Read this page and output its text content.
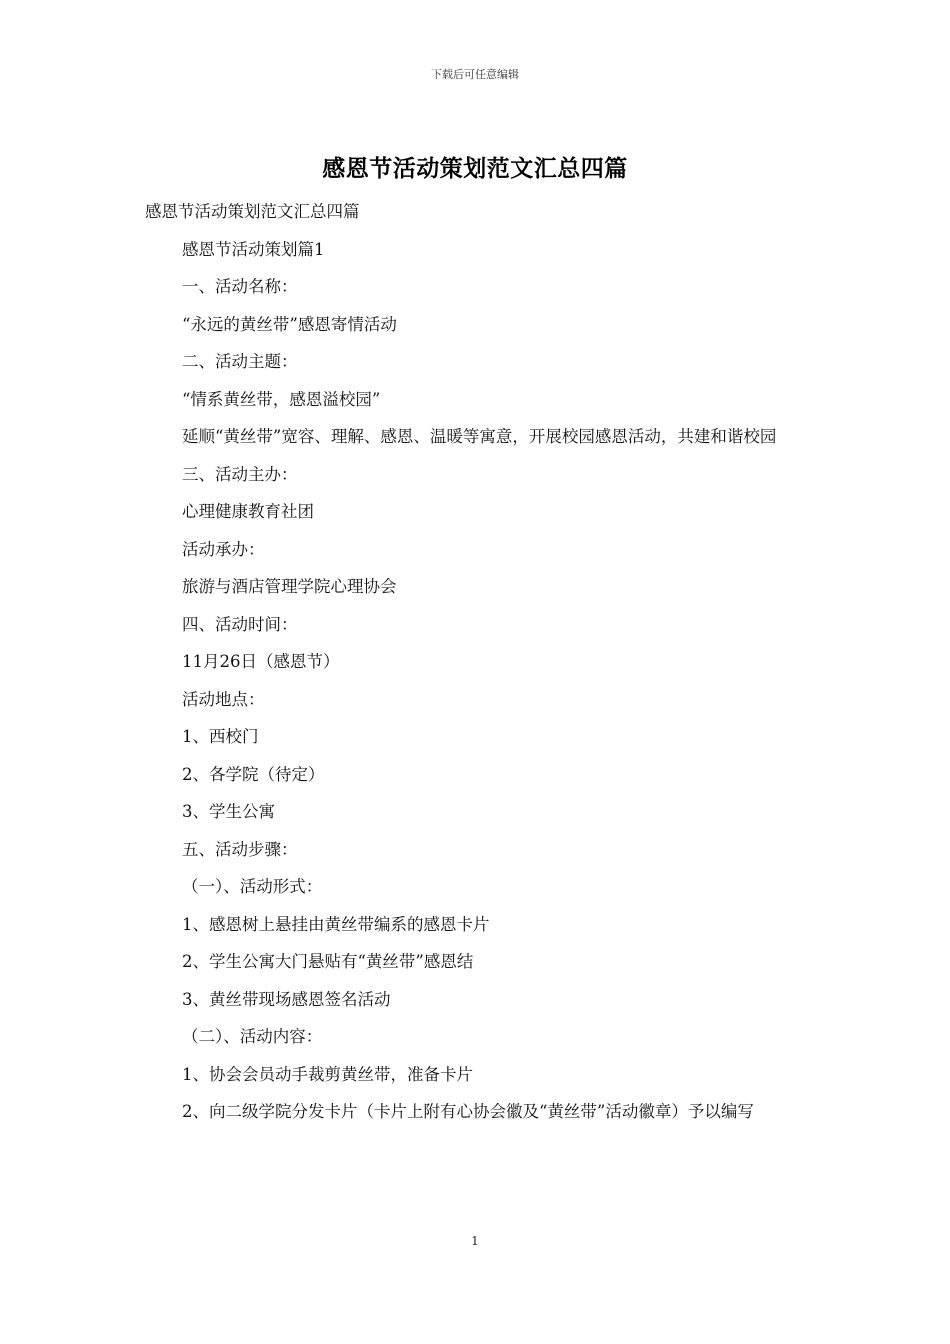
下载后可任意编辑
感恩节活动策划范文汇总四篇

感恩节活动策划范文汇总四篇

感恩节活动策划篇1

一、活动名称：

“永远的黄丝带”感恩寄情活动

二、活动主题：

“情系黄丝带，感恩溢校园”

延顺“黄丝带”宽容、理解、感恩、温暖等寓意，开展校园感恩活动，共建和谐校园

三、活动主办：

心理健康教育社团

活动承办：

旅游与酒店管理学院心理协会

四、活动时间：

11月26日（感恩节）

活动地点：

1、西校门

2、各学院（待定）

3、学生公寓

五、活动步骤：

（一）、活动形式：

1、感恩树上悬挂由黄丝带编系的感恩卡片

2、学生公寓大门悬贴有“黄丝带”感恩结

3、黄丝带现场感恩签名活动

（二）、活动内容：

1、协会会员动手裁剪黄丝带，准备卡片

2、向二级学院分发卡片（卡片上附有心协会徽及“黄丝带”活动徽章）予以编写

1
